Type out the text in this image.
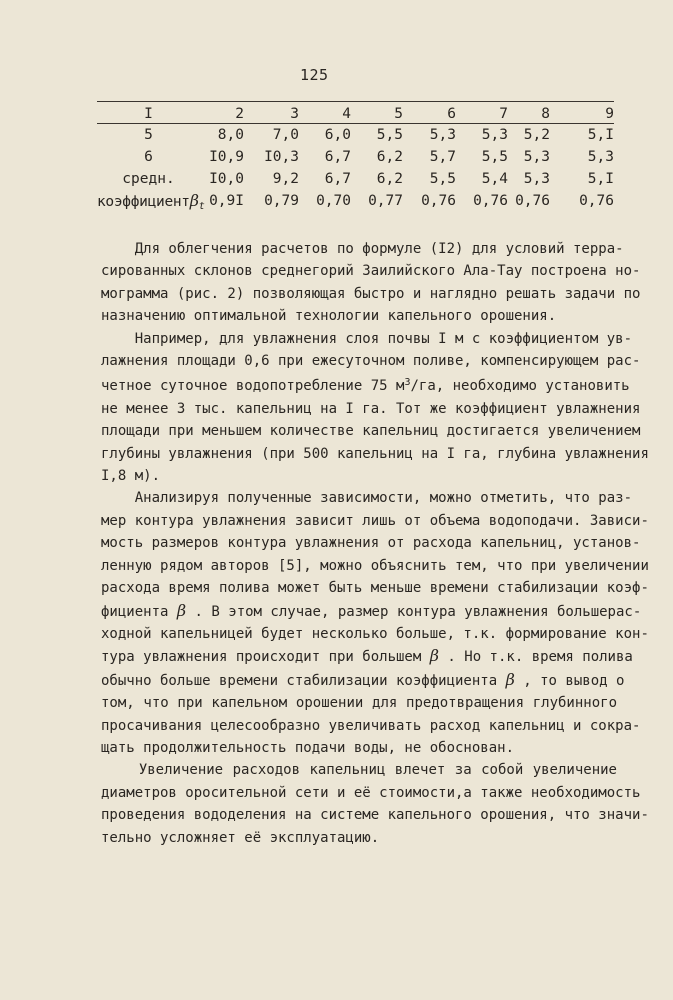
125
I	2	3	4	5	6	7	8	9
5	8,0	7,0	6,0	5,5	5,3	5,3	5,2	5,I
6	I0,9	I0,3	6,7	6,2	5,7	5,5	5,3	5,3
средн.	I0,0	9,2	6,7	6,2	5,5	5,4	5,3	5,I
коэффициентβ$_t$	0,9I	0,79	0,70	0,77	0,76	0,76	0,76	0,76
Для облегчения расчетов по формуле (I2) для условий терра-
сированных склонов среднегорий Заилийского Ала-Тау построена но-
мограмма (рис. 2) позволяющая быстро и наглядно решать задачи по
назначению оптимальной технологии капельного орошения.
Например, для увлажнения слоя почвы I м с коэффициентом ув-
лажнения площади 0,6 при ежесуточном поливе, компенсирующем рас-
четное суточное водопотребление 75 $м^3/га$, необходимо установить
не менее 3 тыс. капельниц на I га. Тот же коэффициент увлажнения
площади при меньшем количестве капельниц достигается увеличением
глубины увлажнения (при 500 капельниц на I га, глубина увлажнения
I,8 м).
Анализируя полученные зависимости, можно отметить, что раз-
мер контура увлажнения зависит лишь от объема водоподачи. Зависи-
мость размеров контура увлажнения от расхода капельниц, установ-
ленную рядом авторов [5], можно объяснить тем, что при увеличении
расхода время полива может быть меньше времени стабилизации коэф-
фициента β . В этом случае, размер контура увлажнения большерас-
ходной капельницей будет несколько больше, т.к. формирование кон-
тура увлажнения происходит при большем β . Но т.к. время полива
обычно больше времени стабилизации коэффициента β , то вывод о
том, что при капельном орошении для предотвращения глубинного
просачивания целесообразно увеличивать расход капельниц и сокра-
щать продолжительность подачи воды, не обоснован.
Увеличение расходов капельниц влечет за собой увеличение
диаметров оросительной сети и её стоимости,а также необходимость
проведения вододеления на системе капельного орошения, что значи-
тельно усложняет её эксплуатацию.
